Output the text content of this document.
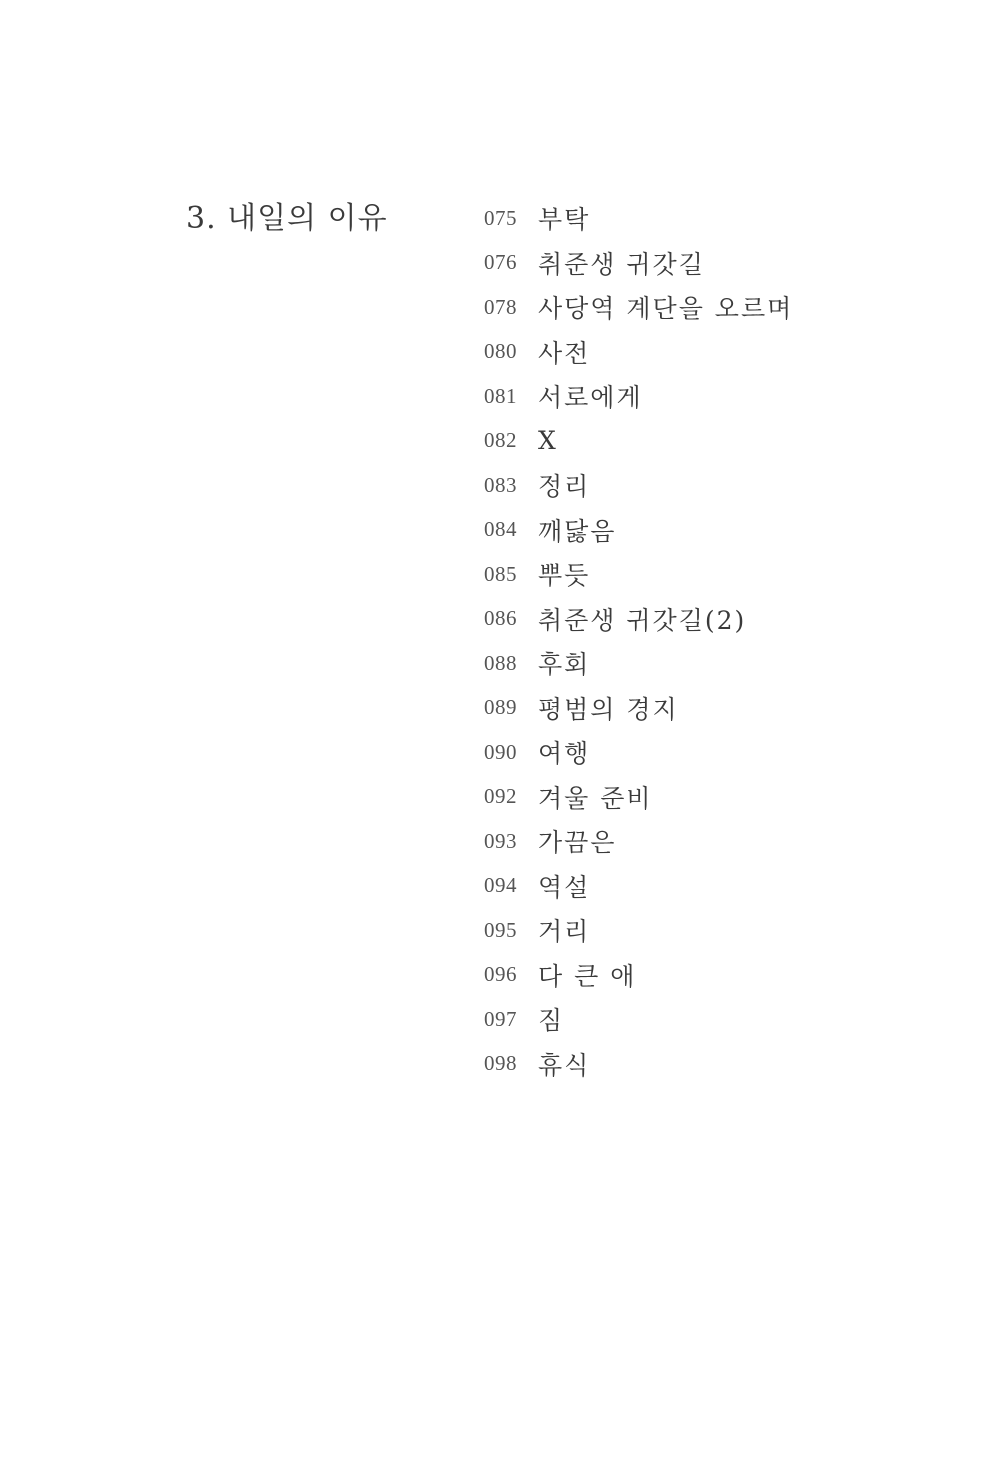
3. 내일의 이유	075 부탁
076 취준생 귀갓길
078 사당역 계단을 오르며
080 사전
081 서로에게
082 X
083 정리
084 깨닳음
085 뿌듯
086 취준생 귀갓길(2)
088 후회
089 평범의 경지
090 여행
092 겨울 준비
093 가끔은
094 역설
095 거리
096 다 큰 애
097 짐
098 휴식
